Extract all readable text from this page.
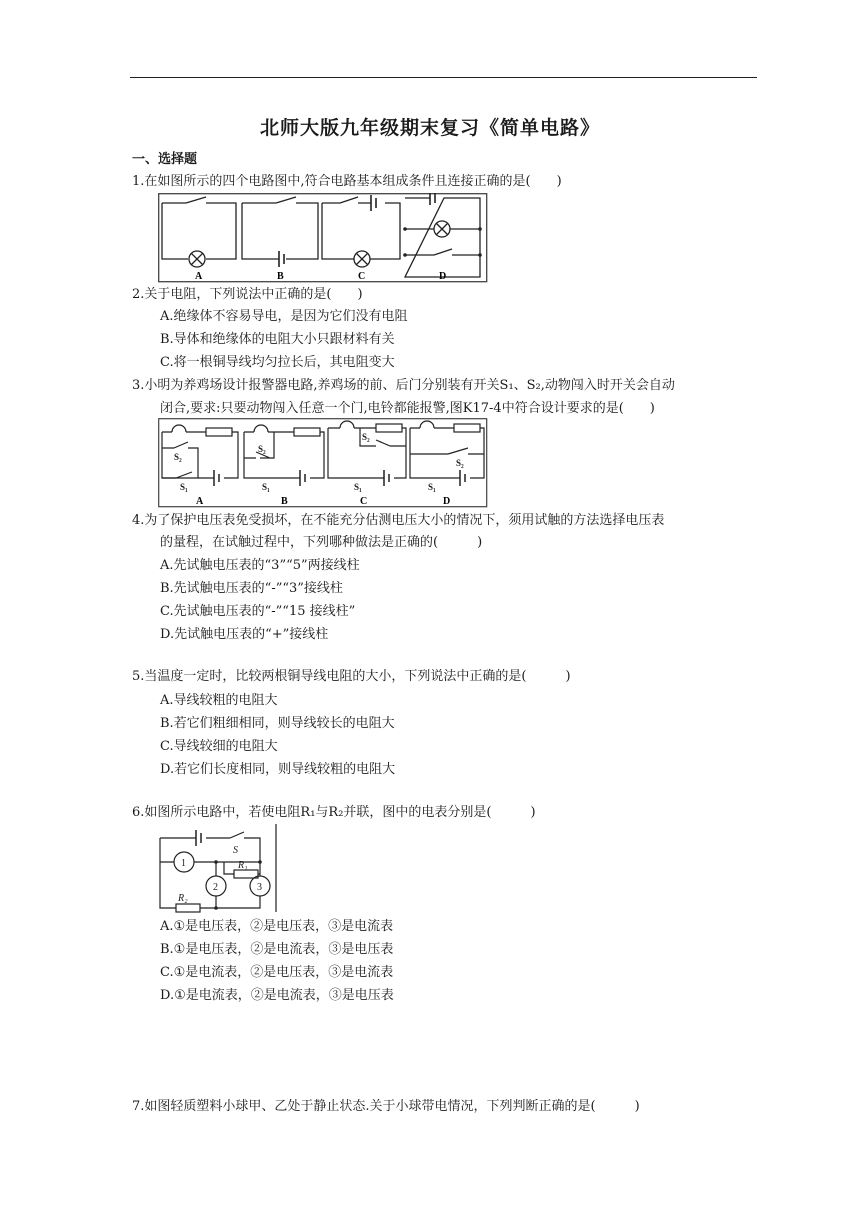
北师大版九年级期末复习《简单电路》
一、选择题
1.在如图所示的四个电路图中,符合电路基本组成条件且连接正确的是(　　)
A	B	C	D
2.关于电阻，下列说法中正确的是(　　)
A.绝缘体不容易导电，是因为它们没有电阻
B.导体和绝缘体的电阻大小只跟材料有关
C.将一根铜导线均匀拉长后，其电阻变大
3.小明为养鸡场设计报警器电路,养鸡场的前、后门分别装有开关S₁、S₂,动物闯入时开关会自动
闭合,要求:只要动物闯入任意一个门,电铃都能报警,图K17-4中符合设计要求的是(　　)
S₂
S₁
S₂
S₁
S₂
S₁
S₂
S₁
A	B	C	D
4.为了保护电压表免受损坏，在不能充分估测电压大小的情况下，须用试触的方法选择电压表
的量程，在试触过程中，下列哪种做法是正确的(　　　)
A.先试触电压表的“3”“5”两接线柱
B.先试触电压表的“-”“3”接线柱
C.先试触电压表的“-”“15 接线柱”
D.先试触电压表的“+”接线柱
5.当温度一定时，比较两根铜导线电阻的大小，下列说法中正确的是(　　　)
A.导线较粗的电阻大
B.若它们粗细相同，则导线较长的电阻大
C.导线较细的电阻大
D.若它们长度相同，则导线较粗的电阻大
6.如图所示电路中，若使电阻R₁与R₂并联，图中的电表分别是(　　　)
S
R₁
R₂
1
2	3
A.①是电压表，②是电压表，③是电流表
B.①是电压表，②是电流表，③是电压表
C.①是电流表，②是电压表，③是电流表
D.①是电流表，②是电流表，③是电压表
7.如图轻质塑料小球甲、乙处于静止状态.关于小球带电情况，下列判断正确的是(　　　)
